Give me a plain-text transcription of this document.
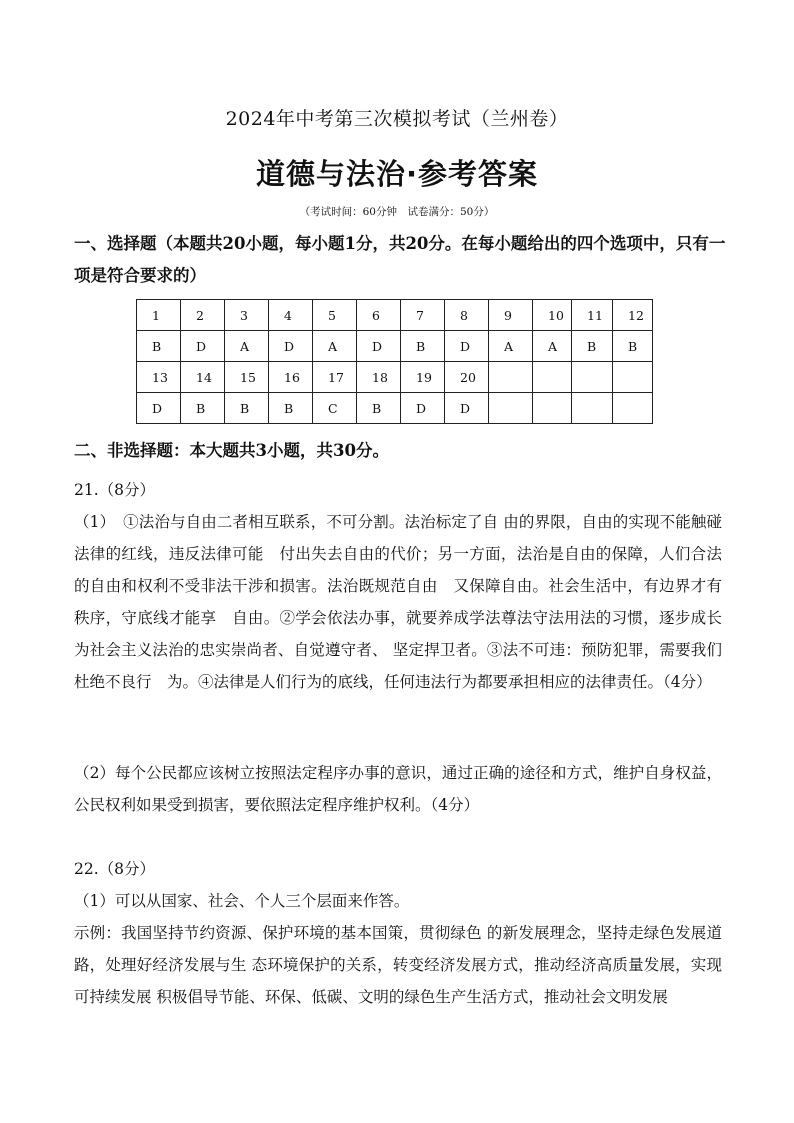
2024年中考第三次模拟考试（兰州卷）
道德与法治·参考答案
（考试时间：60分钟　试卷满分：50分）
一、选择题（本题共20小题，每小题1分，共20分。在每小题给出的四个选项中，只有一项是符合要求的）
1	2	3	4	5	6	7	8	9	10	11	12
B	D	A	D	A	D	B	D	A	A	B	B
13	14	15	16	17	18	19	20				
D	B	B	B	C	B	D	D				
二、非选择题：本大题共3小题，共30分。
21.（8分）
（1）　①法治与自由二者相互联系，不可分割。法治标定了自 由的界限，自由的实现不能触碰法律的红线，违反法律可能　付出失去自由的代价；另一方面，法治是自由的保障，人们合法的自由和权利不受非法干涉和损害。法治既规范自由　又保障自由。社会生活中，有边界才有秩序，守底线才能享　自由。②学会依法办事，就要养成学法尊法守法用法的习惯，逐步成长为社会主义法治的忠实崇尚者、自觉遵守者、 坚定捍卫者。③法不可违：预防犯罪，需要我们杜绝不良行　为。④法律是人们行为的底线，任何违法行为都要承担相应的法律责任。（4分）
（2）每个公民都应该树立按照法定程序办事的意识，通过正确的途径和方式，维护自身权益，公民权利如果受到损害，要依照法定程序维护权利。（4分）
22.（8分）
（1）可以从国家、社会、个人三个层面来作答。
示例：我国坚持节约资源、保护环境的基本国策，贯彻绿色 的新发展理念，坚持走绿色发展道路，处理好经济发展与生 态环境保护的关系，转变经济发展方式，推动经济高质量发展，实现可持续发展 积极倡导节能、环保、低碳、文明的绿色生产生活方式，推动社会文明发展
